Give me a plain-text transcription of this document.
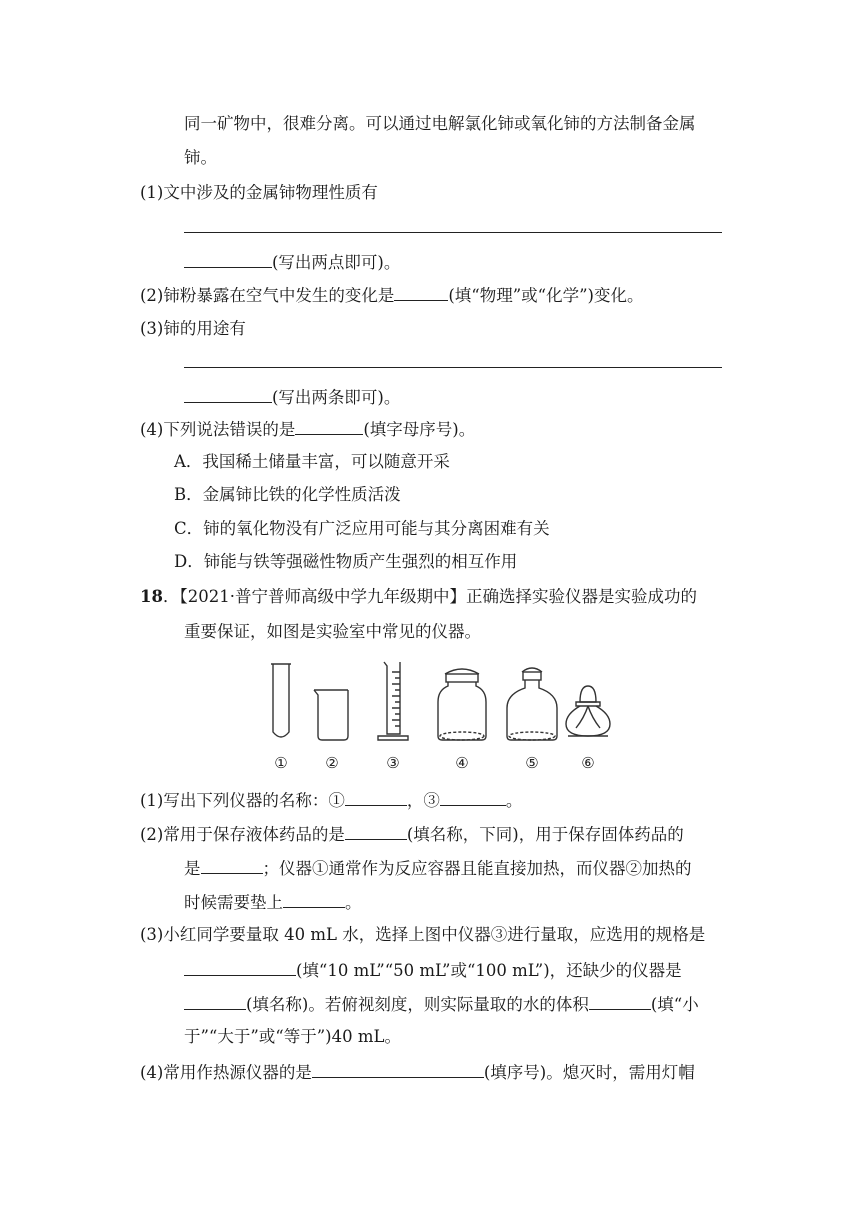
同一矿物中，很难分离。可以通过电解氯化铈或氧化铈的方法制备金属
铈。
(1)文中涉及的金属铈物理性质有
(写出两点即可)。
(2)铈粉暴露在空气中发生的变化是	(填“物理”或“化学”)变化。
(3)铈的用途有
(写出两条即可)。
(4)下列说法错误的是	(填字母序号)。
A．我国稀土储量丰富，可以随意开采
B．金属铈比铁的化学性质活泼
C．铈的氧化物没有广泛应用可能与其分离困难有关
D．铈能与铁等强磁性物质产生强烈的相互作用
18．【2021·普宁普师高级中学九年级期中】正确选择实验仪器是实验成功的
重要保证，如图是实验室中常见的仪器。
①	②	③	④	⑤	⑥
(1)写出下列仪器的名称：①	，③	。
(2)常用于保存液体药品的是	(填名称，下同)，用于保存固体药品的
是	；仪器①通常作为反应容器且能直接加热，而仪器②加热的
时候需要垫上	。
(3)小红同学要量取 40 mL 水，选择上图中仪器③进行量取，应选用的规格是
(填“10 mL”“50 mL”或“100 mL”)，还缺少的仪器是
(填名称)。若俯视刻度，则实际量取的水的体积	(填“小
于”“大于”或“等于”)40 mL。
(4)常用作热源仪器的是	(填序号)。熄灭时，需用灯帽
